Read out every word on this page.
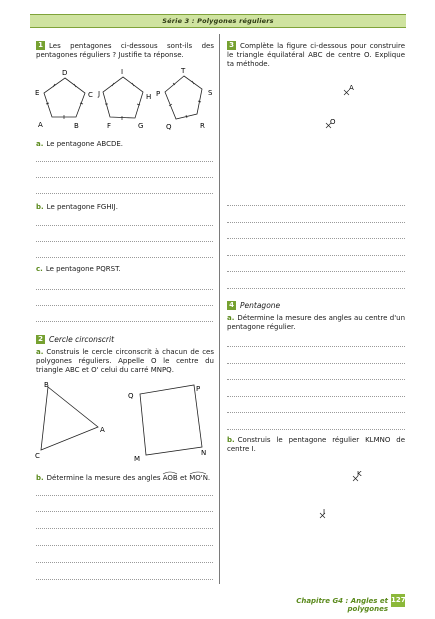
Série 3 : Polygones réguliers
1 Les pentagones ci-dessous sont-ils des pentagones réguliers ? Justifie ta réponse.
D
E	C
A	B
I
J	H
F	G
T
P	S
Q	R
a. Le pentagone ABCDE.
b. Le pentagone FGHIJ.
c. Le pentagone PQRST.
2 Cercle circonscrit
a. Construis le cercle circonscrit à chacun de ces polygones réguliers. Appelle O le centre du triangle ABC et O' celui du carré MNPQ.
B
A
C
P
Q
M
N
b. Détermine la mesure des angles AOB et MO'N.
3 Complète la figure ci-dessous pour construire le triangle équilatéral ABC de centre O. Explique ta méthode.
A
O
4 Pentagone
a. Détermine la mesure des angles au centre d'un pentagone régulier.
b. Construis le pentagone régulier KLMNO de centre I.
K
I
Chapitre G4 : Angles et polygones
127
